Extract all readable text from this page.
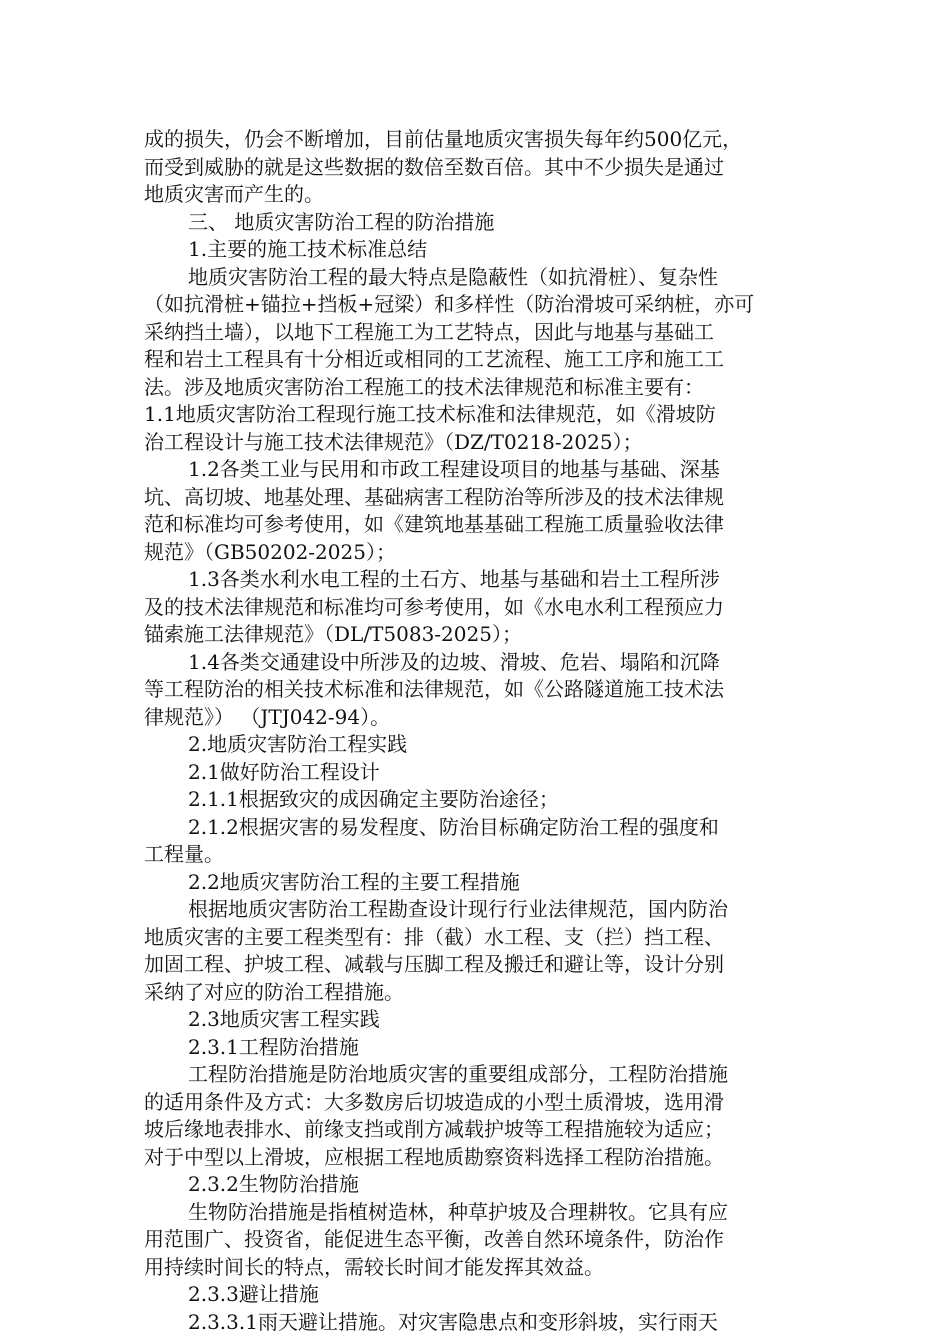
成的损失，仍会不断增加，目前估量地质灾害损失每年约500亿元，
而受到威胁的就是这些数据的数倍至数百倍。其中不少损失是通过
地质灾害而产生的。
三、 地质灾害防治工程的防治措施
1.主要的施工技术标准总结
地质灾害防治工程的最大特点是隐蔽性（如抗滑桩）、复杂性
（如抗滑桩+锚拉+挡板+冠梁）和多样性（防治滑坡可采纳桩，亦可
采纳挡土墙），以地下工程施工为工艺特点，因此与地基与基础工
程和岩土工程具有十分相近或相同的工艺流程、施工工序和施工工
法。涉及地质灾害防治工程施工的技术法律规范和标准主要有：
1.1地质灾害防治工程现行施工技术标准和法律规范，如《滑坡防
治工程设计与施工技术法律规范》（DZ/T0218-2025）；
1.2各类工业与民用和市政工程建设项目的地基与基础、深基
坑、高切坡、地基处理、基础病害工程防治等所涉及的技术法律规
范和标准均可参考使用，如《建筑地基基础工程施工质量验收法律
规范》（GB50202-2025）；
1.3各类水利水电工程的土石方、地基与基础和岩土工程所涉
及的技术法律规范和标准均可参考使用，如《水电水利工程预应力
锚索施工法律规范》（DL/T5083-2025）；
1.4各类交通建设中所涉及的边坡、滑坡、危岩、塌陷和沉降
等工程防治的相关技术标准和法律规范，如《公路隧道施工技术法
律规范》） （JTJ042-94）。
2.地质灾害防治工程实践
2.1做好防治工程设计
2.1.1根据致灾的成因确定主要防治途径；
2.1.2根据灾害的易发程度、防治目标确定防治工程的强度和
工程量。
2.2地质灾害防治工程的主要工程措施
根据地质灾害防治工程勘查设计现行行业法律规范，国内防治
地质灾害的主要工程类型有：排（截）水工程、支（拦）挡工程、
加固工程、护坡工程、减载与压脚工程及搬迁和避让等，设计分别
采纳了对应的防治工程措施。
2.3地质灾害工程实践
2.3.1工程防治措施
工程防治措施是防治地质灾害的重要组成部分，工程防治措施
的适用条件及方式：大多数房后切坡造成的小型土质滑坡，选用滑
坡后缘地表排水、前缘支挡或削方减载护坡等工程措施较为适应；
对于中型以上滑坡，应根据工程地质勘察资料选择工程防治措施。
2.3.2生物防治措施
生物防治措施是指植树造林，种草护坡及合理耕牧。它具有应
用范围广、投资省，能促进生态平衡，改善自然环境条件，防治作
用持续时间长的特点，需较长时间才能发挥其效益。
2.3.3避让措施
2.3.3.1雨天避让措施。对灾害隐患点和变形斜坡，实行雨天
